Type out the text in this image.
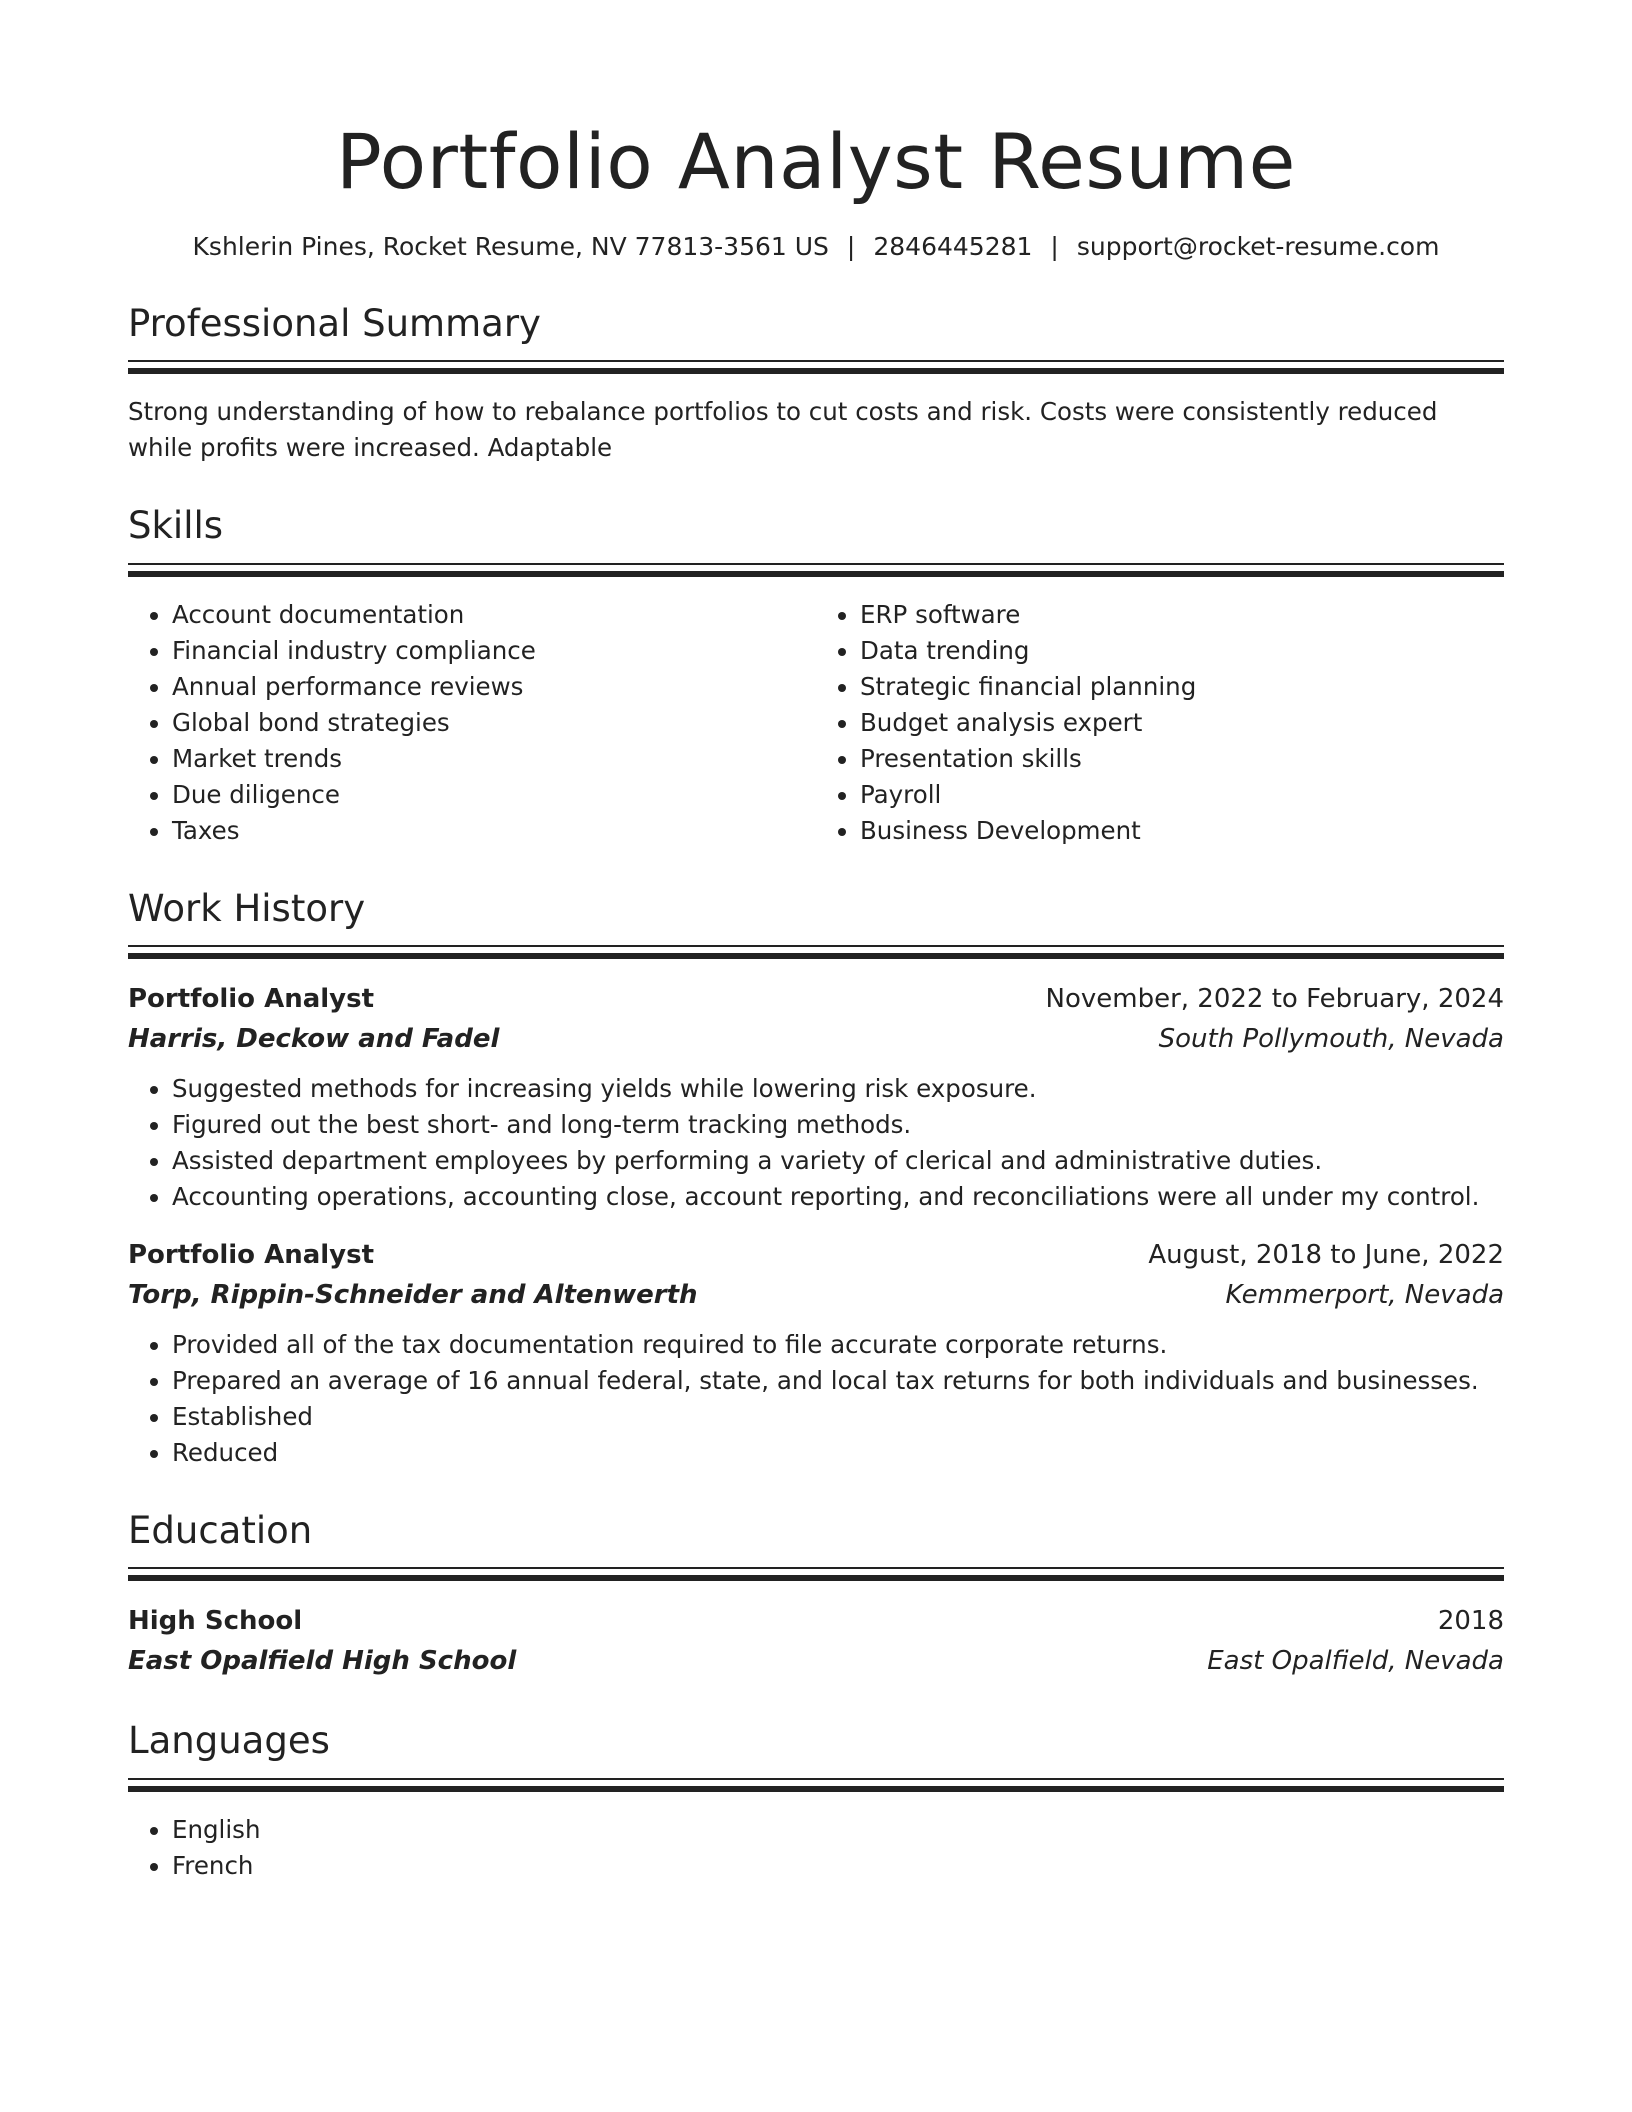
Portfolio Analyst Resume
Kshlerin Pines, Rocket Resume, NV 77813-3561 US | 2846445281 | support@rocket-resume.com
Professional Summary

Strong understanding of how to rebalance portfolios to cut costs and risk. Costs were consistently reduced while profits were increased. Adaptable

Skills
• Account documentation
• Financial industry compliance
• Annual performance reviews
• Global bond strategies
• Market trends
• Due diligence
• Taxes
• ERP software
• Data trending
• Strategic financial planning
• Budget analysis expert
• Presentation skills
• Payroll
• Business Development
Work History
Portfolio Analyst	November, 2022 to February, 2024
Harris, Deckow and Fadel	South Pollymouth, Nevada
• Suggested methods for increasing yields while lowering risk exposure.
• Figured out the best short- and long-term tracking methods.
• Assisted department employees by performing a variety of clerical and administrative duties.
• Accounting operations, accounting close, account reporting, and reconciliations were all under my control.
Portfolio Analyst	August, 2018 to June, 2022
Torp, Rippin-Schneider and Altenwerth	Kemmerport, Nevada
• Provided all of the tax documentation required to file accurate corporate returns.
• Prepared an average of 16 annual federal, state, and local tax returns for both individuals and businesses.
• Established
• Reduced
Education
High School	2018
East Opalfield High School	East Opalfield, Nevada
Languages
• English
• French
